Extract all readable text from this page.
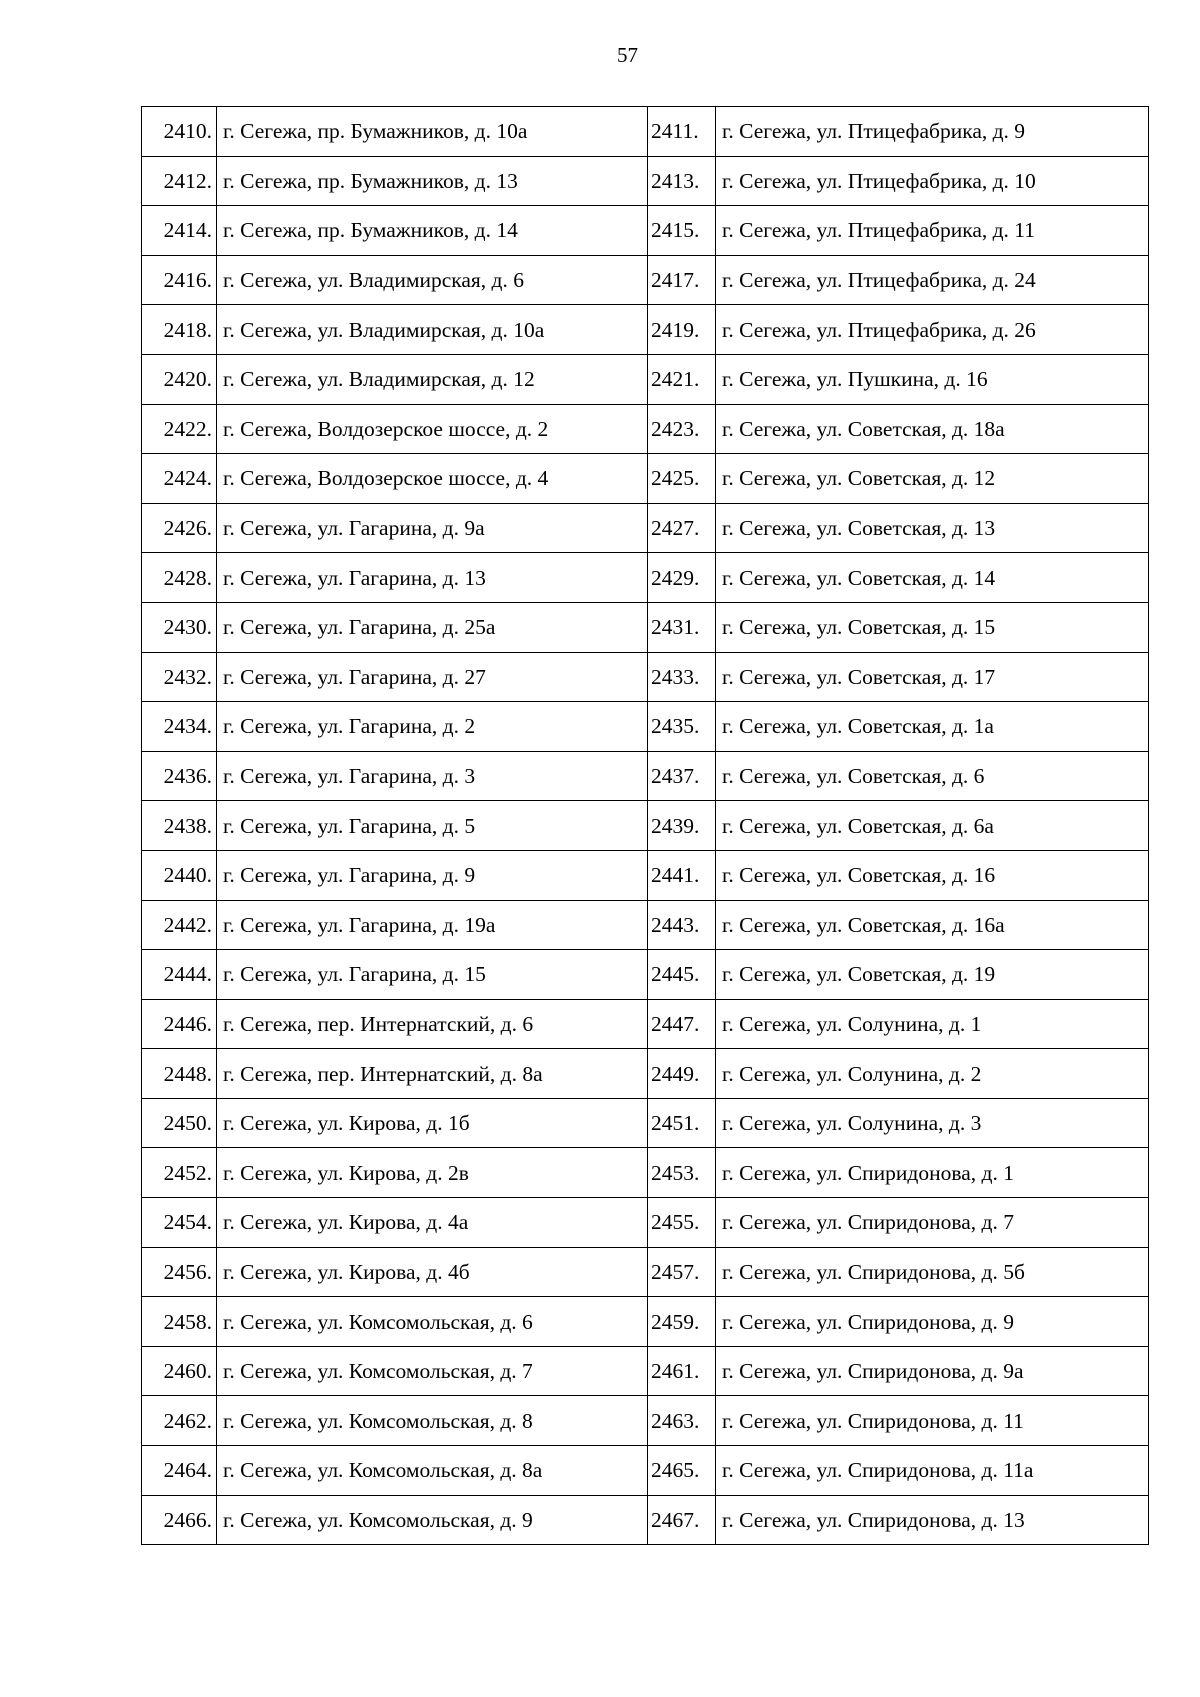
57
2410.	г. Сегежа, пр. Бумажников, д. 10а	2411.	г. Сегежа, ул. Птицефабрика, д. 9
2412.	г. Сегежа, пр. Бумажников, д. 13	2413.	г. Сегежа, ул. Птицефабрика, д. 10
2414.	г. Сегежа, пр. Бумажников, д. 14	2415.	г. Сегежа, ул. Птицефабрика, д. 11
2416.	г. Сегежа, ул. Владимирская, д. 6	2417.	г. Сегежа, ул. Птицефабрика, д. 24
2418.	г. Сегежа, ул. Владимирская, д. 10а	2419.	г. Сегежа, ул. Птицефабрика, д. 26
2420.	г. Сегежа, ул. Владимирская, д. 12	2421.	г. Сегежа, ул. Пушкина, д. 16
2422.	г. Сегежа, Волдозерское шоссе, д. 2	2423.	г. Сегежа, ул. Советская, д. 18а
2424.	г. Сегежа, Волдозерское шоссе, д. 4	2425.	г. Сегежа, ул. Советская, д. 12
2426.	г. Сегежа, ул. Гагарина, д. 9а	2427.	г. Сегежа, ул. Советская, д. 13
2428.	г. Сегежа, ул. Гагарина, д. 13	2429.	г. Сегежа, ул. Советская, д. 14
2430.	г. Сегежа, ул. Гагарина, д. 25а	2431.	г. Сегежа, ул. Советская, д. 15
2432.	г. Сегежа, ул. Гагарина, д. 27	2433.	г. Сегежа, ул. Советская, д. 17
2434.	г. Сегежа, ул. Гагарина, д. 2	2435.	г. Сегежа, ул. Советская, д. 1а
2436.	г. Сегежа, ул. Гагарина, д. 3	2437.	г. Сегежа, ул. Советская, д. 6
2438.	г. Сегежа, ул. Гагарина, д. 5	2439.	г. Сегежа, ул. Советская, д. 6а
2440.	г. Сегежа, ул. Гагарина, д. 9	2441.	г. Сегежа, ул. Советская, д. 16
2442.	г. Сегежа, ул. Гагарина, д. 19а	2443.	г. Сегежа, ул. Советская, д. 16а
2444.	г. Сегежа, ул. Гагарина, д. 15	2445.	г. Сегежа, ул. Советская, д. 19
2446.	г. Сегежа, пер. Интернатский, д. 6	2447.	г. Сегежа, ул. Солунина, д. 1
2448.	г. Сегежа, пер. Интернатский, д. 8а	2449.	г. Сегежа, ул. Солунина, д. 2
2450.	г. Сегежа, ул. Кирова, д. 1б	2451.	г. Сегежа, ул. Солунина, д. 3
2452.	г. Сегежа, ул. Кирова, д. 2в	2453.	г. Сегежа, ул. Спиридонова, д. 1
2454.	г. Сегежа, ул. Кирова, д. 4а	2455.	г. Сегежа, ул. Спиридонова, д. 7
2456.	г. Сегежа, ул. Кирова, д. 4б	2457.	г. Сегежа, ул. Спиридонова, д. 5б
2458.	г. Сегежа, ул. Комсомольская, д. 6	2459.	г. Сегежа, ул. Спиридонова, д. 9
2460.	г. Сегежа, ул. Комсомольская, д. 7	2461.	г. Сегежа, ул. Спиридонова, д. 9а
2462.	г. Сегежа, ул. Комсомольская, д. 8	2463.	г. Сегежа, ул. Спиридонова, д. 11
2464.	г. Сегежа, ул. Комсомольская, д. 8а	2465.	г. Сегежа, ул. Спиридонова, д. 11а
2466.	г. Сегежа, ул. Комсомольская, д. 9	2467.	г. Сегежа, ул. Спиридонова, д. 13
